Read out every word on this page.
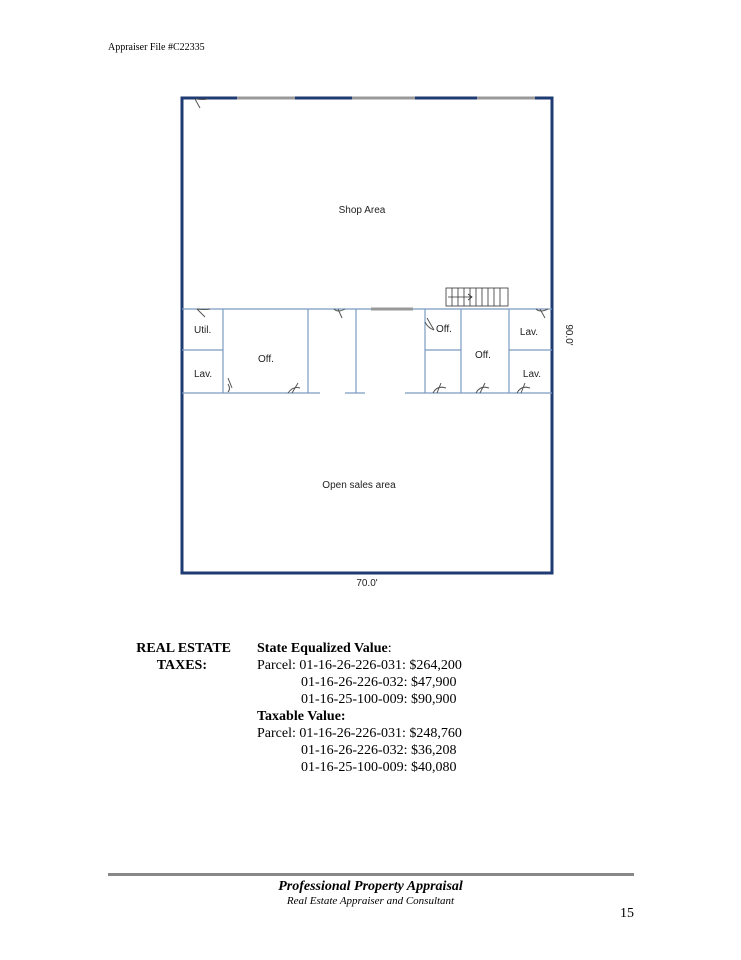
Appraiser File #C22335
Shop Area
Util.
Lav.
Off.
Off.
Off.
Lav.
Lav.
Open sales area
70.0'
90.0'
REAL ESTATE
TAXES:
State Equalized Value:
Parcel: 01-16-26-226-031: $264,200
01-16-26-226-032: $47,900
01-16-25-100-009: $90,900
Taxable Value:
Parcel: 01-16-26-226-031: $248,760
01-16-26-226-032: $36,208
01-16-25-100-009: $40,080
Professional Property Appraisal
Real Estate Appraiser and Consultant
15
